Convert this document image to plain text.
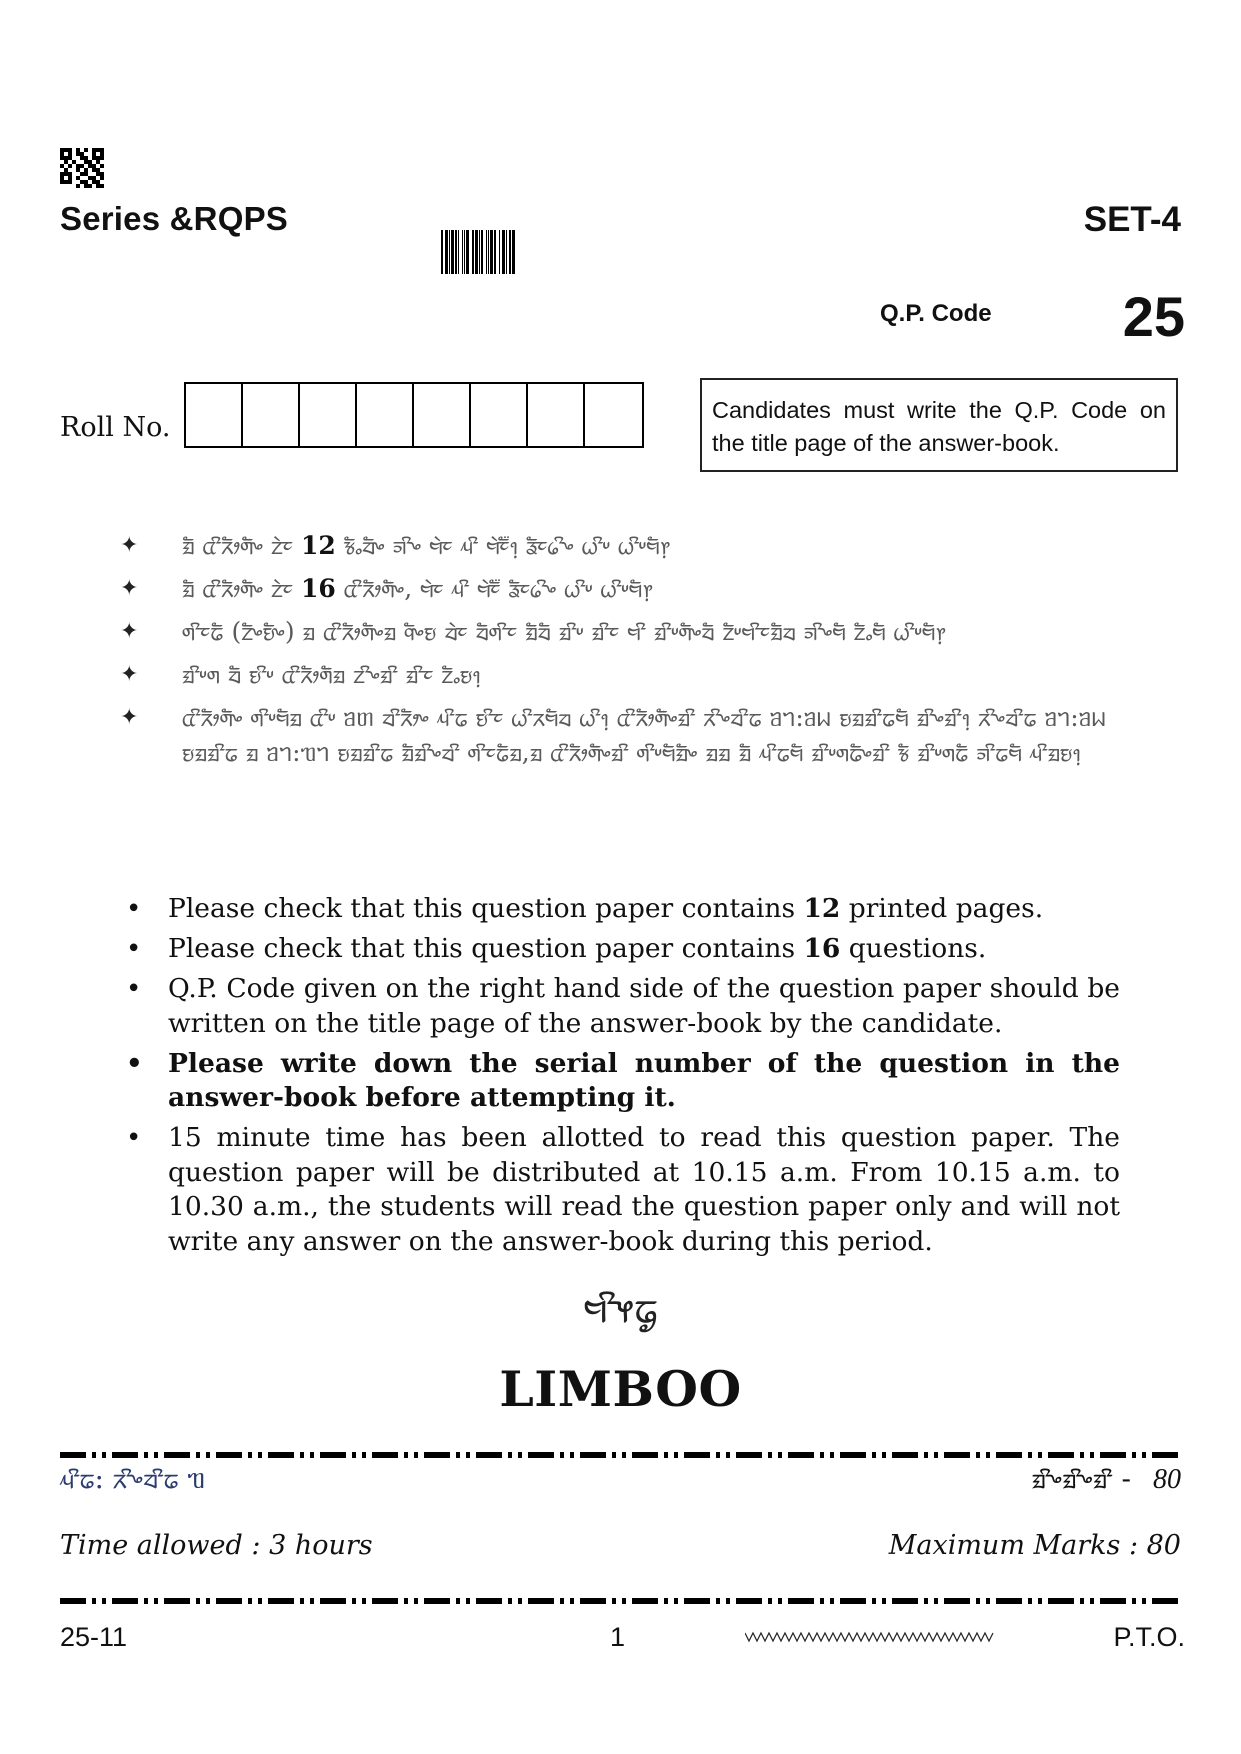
Series &RQPS	SET-4
Q.P. Code 25
Roll No.
Candidates must write the Q.P. Code on the title page of the answer-book.
✦ ᤀᤠ ᤂᤡᤖᤥᤛ᤺ᤠᤴ ᤁᤧᤰ 12 ᤃᤠᤱᤔᤠᤴ ᤈᤡᤴ ᤗᤧᤰ ᤘᤡ ᤗᤧᤰ᤺ᤠ᥄ ᤕᤠᤰ᥀ᤡᤴ ᤐᤡᤸ ᤐᤡᤸᤗᤠ᥅
✦ ᤀᤠ ᤂᤡᤖᤥᤛ᤺ᤠᤴ ᤁᤧᤰ 16 ᤂᤡᤖᤥᤛ᤺ᤠᤴ, ᤗᤧᤰ ᤘᤡ ᤗᤧᤰ᤺ᤠ ᤕᤠᤰ᥀ᤡᤴ ᤐᤡᤸ ᤐᤡᤸᤗᤠ᥅
✦ ᤛᤡᤰᤒᤠ (ᤁᤠᤴᤎᤠᤴ) ᤀ ᤂᤡᤖᤥᤛ᤺ᤠᤴᤀ ᤚᤠᤴᤎ ᤔᤧᤰ ᤔ᤺ᤠᤛᤡᤰ ᤀᤠᤔᤠ ᤀᤡᤸ ᤀᤡᤰ ᤗᤡ ᤀᤡᤸᤛᤠᤴᤔᤠ ᤁᤠᤸᤗᤡᤰᤀᤠᤔ ᤈᤡᤴᤗᤠ ᤁᤠᤱᤗᤠ ᤐᤡᤸᤗᤠ᥅
✦ ᤀᤡᤸᤛ ᤔ᤺ᤠ ᤎᤡᤸ ᤂᤡᤖᤥᤛ᤺ᤠᤀ ᤁᤡᤴᤀᤡ ᤀᤡᤰ ᤁᤠᤱᤎ᥄
✦ ᤂᤡᤖᤥᤛ᤺ᤠᤴ ᤛᤡᤸᤗᤠᤀ ᤂᤡᤸ ᥑᥖ ᤔᤡᤖᤥᤴ ᤘᤡᤒ ᤎᤡᤰ ᤐᤡᤖᤗᤠᤔ ᤐᤡ᥄ ᤂᤡᤖᤥᤛ᤺ᤠᤴᤀᤡ ᤖᤡᤴᤔᤡᤒ ᥑᥐ:ᥑᥕ ᤎᤀᤀᤡᤒᤗᤠ ᤀᤡᤴᤀᤡ᥄ ᤖᤡᤴᤔᤡᤒ ᥑᥐ:ᥑᥕ ᤎᤀᤀᤡᤒ ᤀ ᥑᥐ:ᥓᥐ ᤎᤀᤀᤡᤒ ᤀᤠᤀᤡᤴᤔᤡ ᤛᤡᤰᤒᤠᤀ,ᤀ ᤂᤡᤖᤥᤛ᤺ᤠᤴᤀᤡ ᤛᤡᤸᤗᤠᤀᤠᤴ ᤀᤀ ᤀᤠ ᤘᤡᤒᤗᤠ ᤀᤡᤸᤛᤒᤠᤴᤀᤡ ᤃᤠ ᤀᤡᤸᤛᤒᤠ ᤈᤡᤒᤗᤠ ᤘᤡᤀᤎ᥄
• Please check that this question paper contains 12 printed pages.
• Please check that this question paper contains 16 questions.
• Q.P. Code given on the right hand side of the question paper should be written on the title page of the answer-book by the candidate.
• Please write down the serial number of the question in the answer-book before attempting it.
• 15 minute time has been allotted to read this question paper. The question paper will be distributed at 10.15 a.m. From 10.15 a.m. to 10.30 a.m., the students will read the question paper only and will not write any answer on the answer-book during this period.
ᤗᤡᤶᤒᤢ
LIMBOO
ᤘᤡᤒ: ᤖᤡᤴᤔᤡᤒ ᥓ	ᤀᤡᤴᤀᤡᤴᤀᤡ - 80
Time allowed : 3 hours	Maximum Marks : 80
25-11	1	P.T.O.
